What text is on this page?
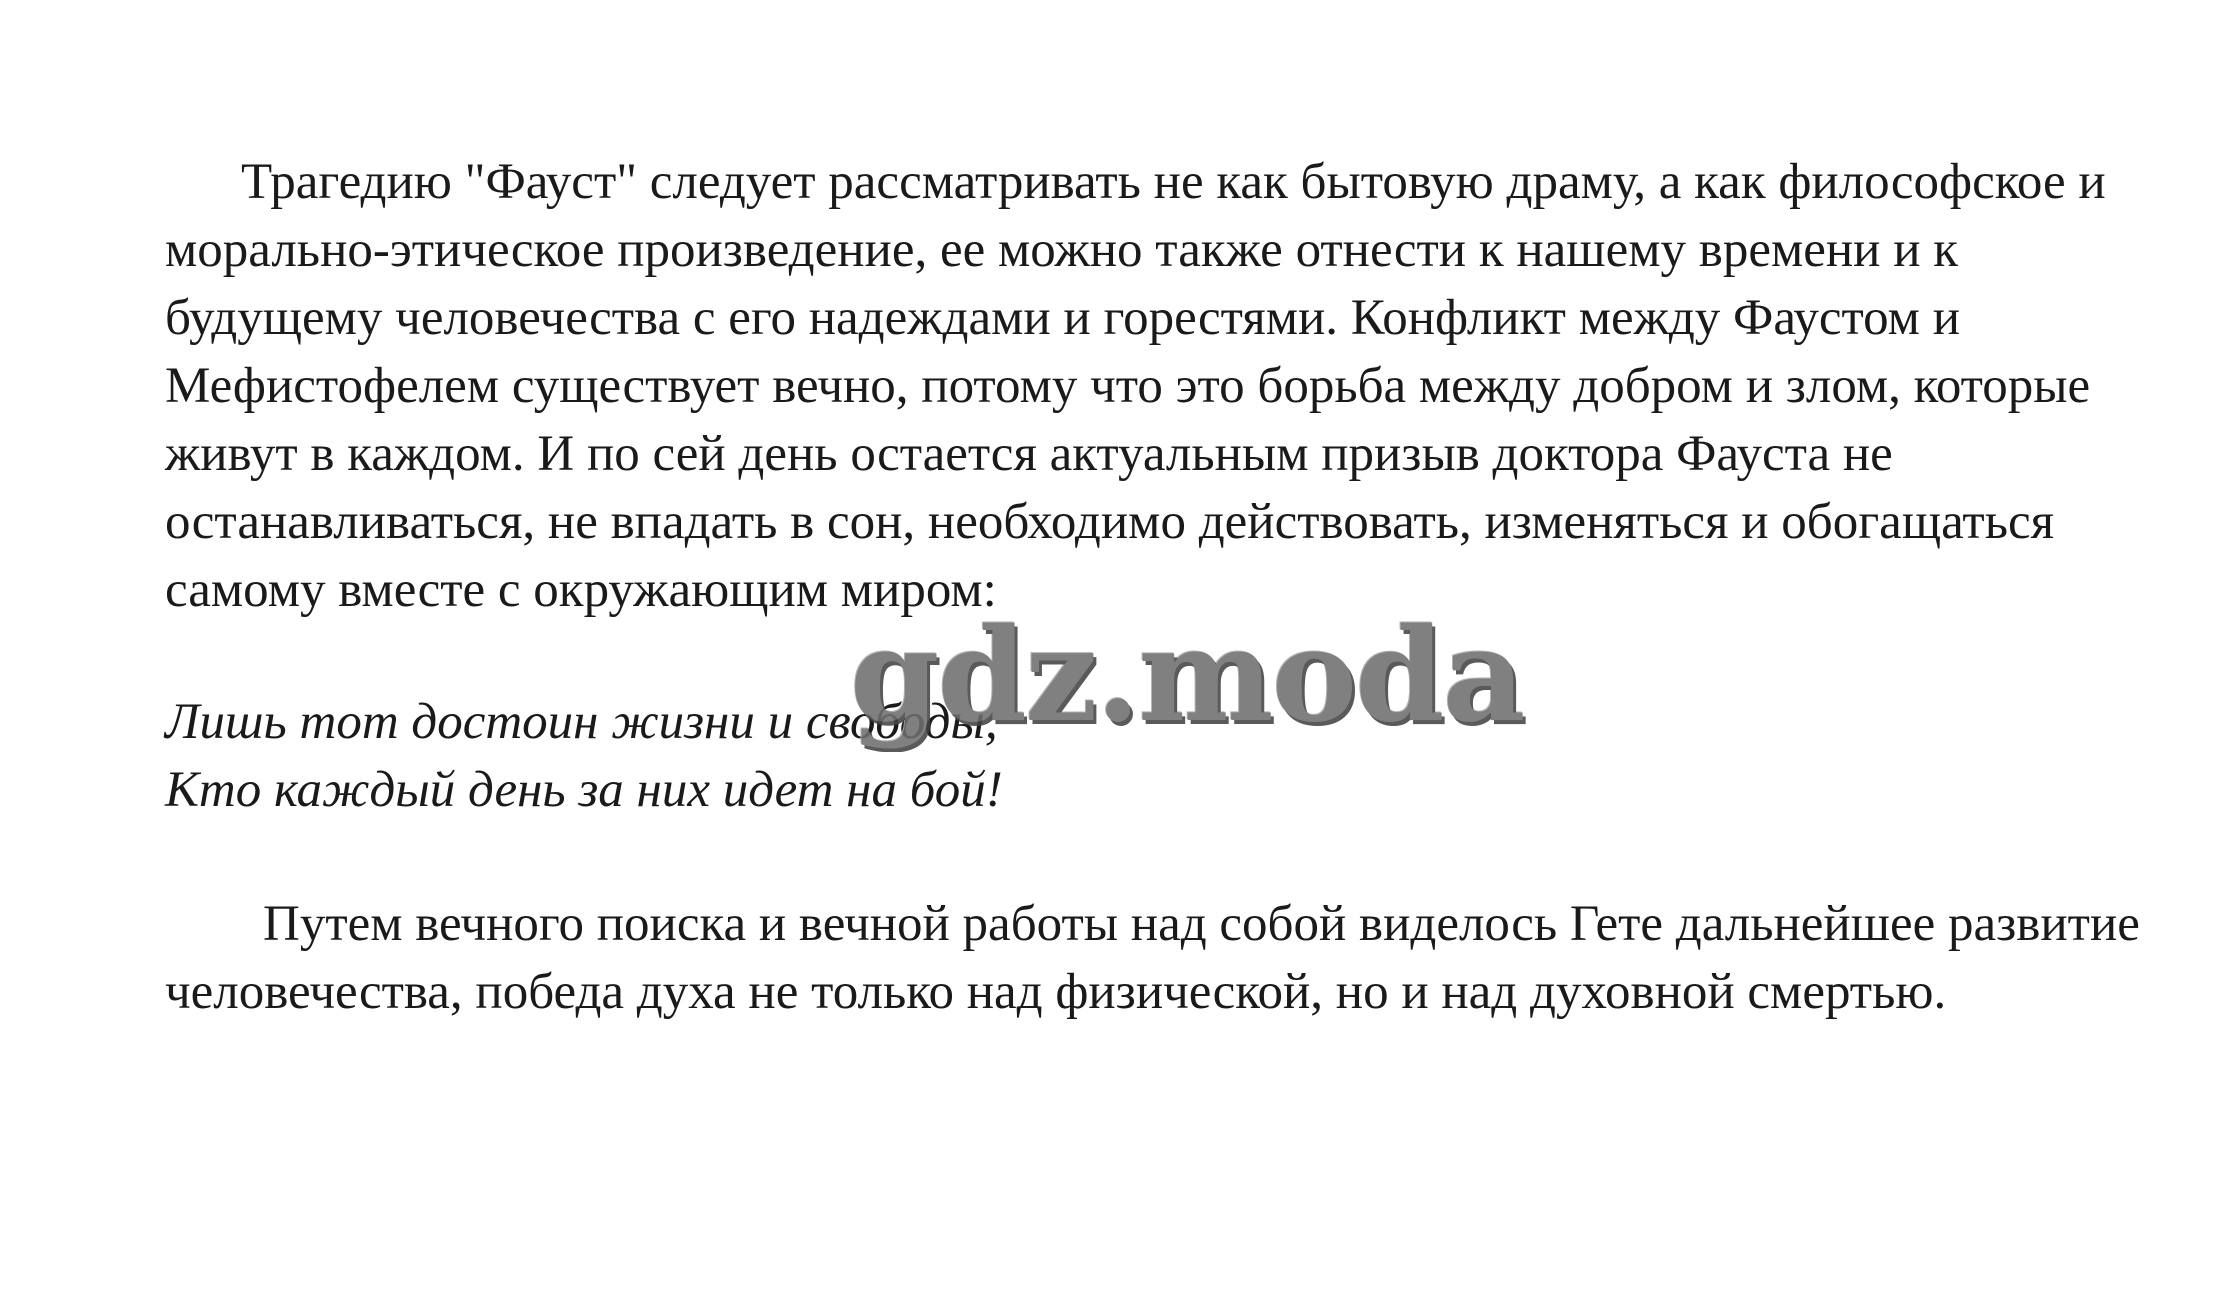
Трагедию "Фауст" следует рассматривать не как бытовую драму, а как философское и морально-этическое произведение, ее можно также отнести к нашему времени и к будущему человечества с его надеждами и горестями. Конфликт между Фаустом и Мефистофелем существует вечно, потому что это борьба между добром и злом, которые живут в каждом. И по сей день остается актуальным призыв доктора Фауста не останавливаться, не впадать в сон, необходимо действовать, изменяться и обогащаться самому вместе с окружающим миром:

Лишь тот достоин жизни и свободы,
Кто каждый день за них идет на бой!

Путем вечного поиска и вечной работы над собой виделось Гете дальнейшее развитие человечества, победа духа не только над физической, но и над духовной смертью.

gdz.moda
